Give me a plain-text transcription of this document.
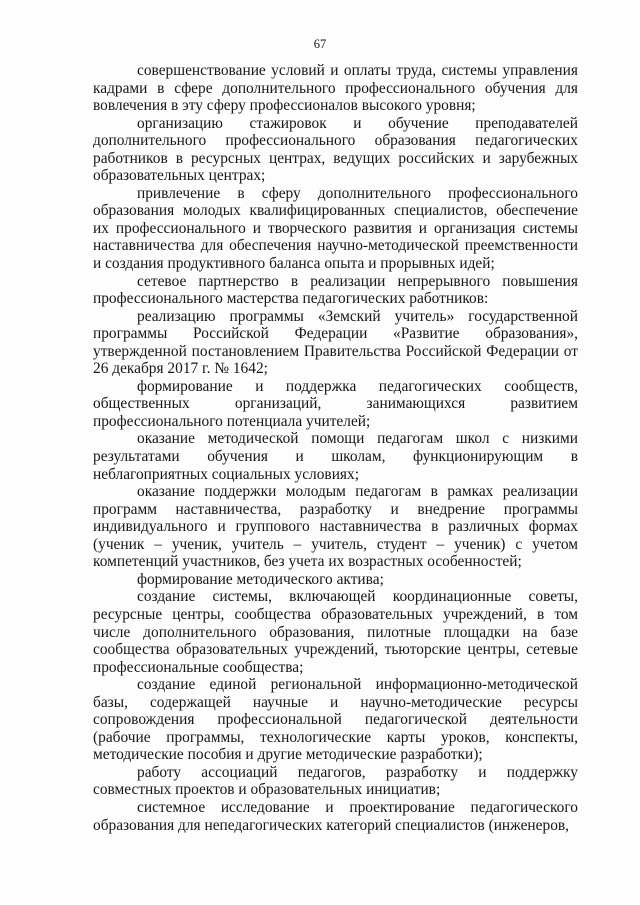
67

совершенствование условий и оплаты труда, системы управления кадрами в сфере дополнительного профессионального обучения для вовлечения в эту сферу профессионалов высокого уровня;

организацию стажировок и обучение преподавателей дополнительного профессионального образования педагогических работников в ресурсных центрах, ведущих российских и зарубежных образовательных центрах;

привлечение в сферу дополнительного профессионального образования молодых квалифицированных специалистов, обеспечение их профессионального и творческого развития и организация системы наставничества для обеспечения научно-методической преемственности и создания продуктивного баланса опыта и прорывных идей;

сетевое партнерство в реализации непрерывного повышения профессионального мастерства педагогических работников:

реализацию программы «Земский учитель» государственной программы Российской Федерации «Развитие образования», утвержденной постановлением Правительства Российской Федерации от 26 декабря 2017 г. № 1642;

формирование и поддержка педагогических сообществ, общественных организаций, занимающихся развитием профессионального потенциала учителей;

оказание методической помощи педагогам школ с низкими результатами обучения и школам, функционирующим в неблагоприятных социальных условиях;

оказание поддержки молодым педагогам в рамках реализации программ наставничества, разработку и внедрение программы индивидуального и группового наставничества в различных формах (ученик – ученик, учитель – учитель, студент – ученик) с учетом компетенций участников, без учета их возрастных особенностей;

формирование методического актива;

создание системы, включающей координационные советы, ресурсные центры, сообщества образовательных учреждений, в том числе дополнительного образования, пилотные площадки на базе сообщества образовательных учреждений, тьюторские центры, сетевые профессиональные сообщества;

создание единой региональной информационно-методической базы, содержащей научные и научно-методические ресурсы сопровождения профессиональной педагогической деятельности (рабочие программы, технологические карты уроков, конспекты, методические пособия и другие методические разработки);

работу ассоциаций педагогов, разработку и поддержку совместных проектов и образовательных инициатив;

системное исследование и проектирование педагогического образования для непедагогических категорий специалистов (инженеров,
